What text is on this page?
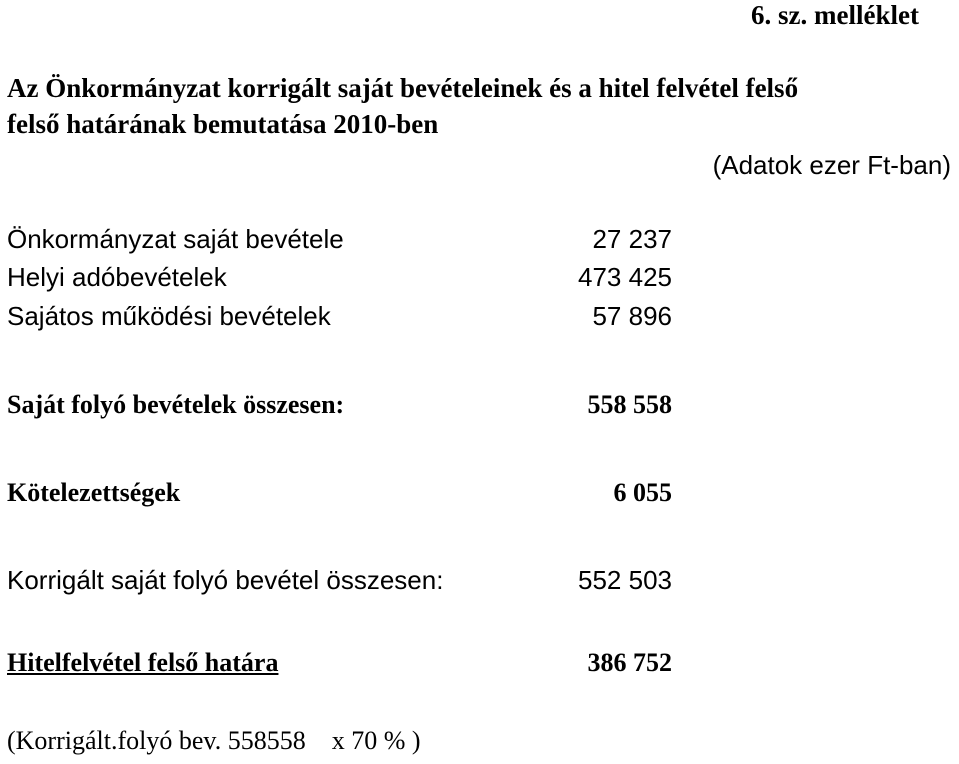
6. sz. melléklet
Az Önkormányzat korrigált saját bevételeinek és a hitel felvétel felső
felső határának bemutatása 2010-ben
(Adatok ezer Ft-ban)
Önkormányzat saját bevétele	27 237
Helyi adóbevételek	473 425
Sajátos működési bevételek	57 896
Saját folyó bevételek összesen:	558 558
Kötelezettségek	6 055
Korrigált saját folyó bevétel összesen:	552 503
Hitelfelvétel felső határa	386 752
(Korrigált.folyó bev. 558558    x 70 % )
